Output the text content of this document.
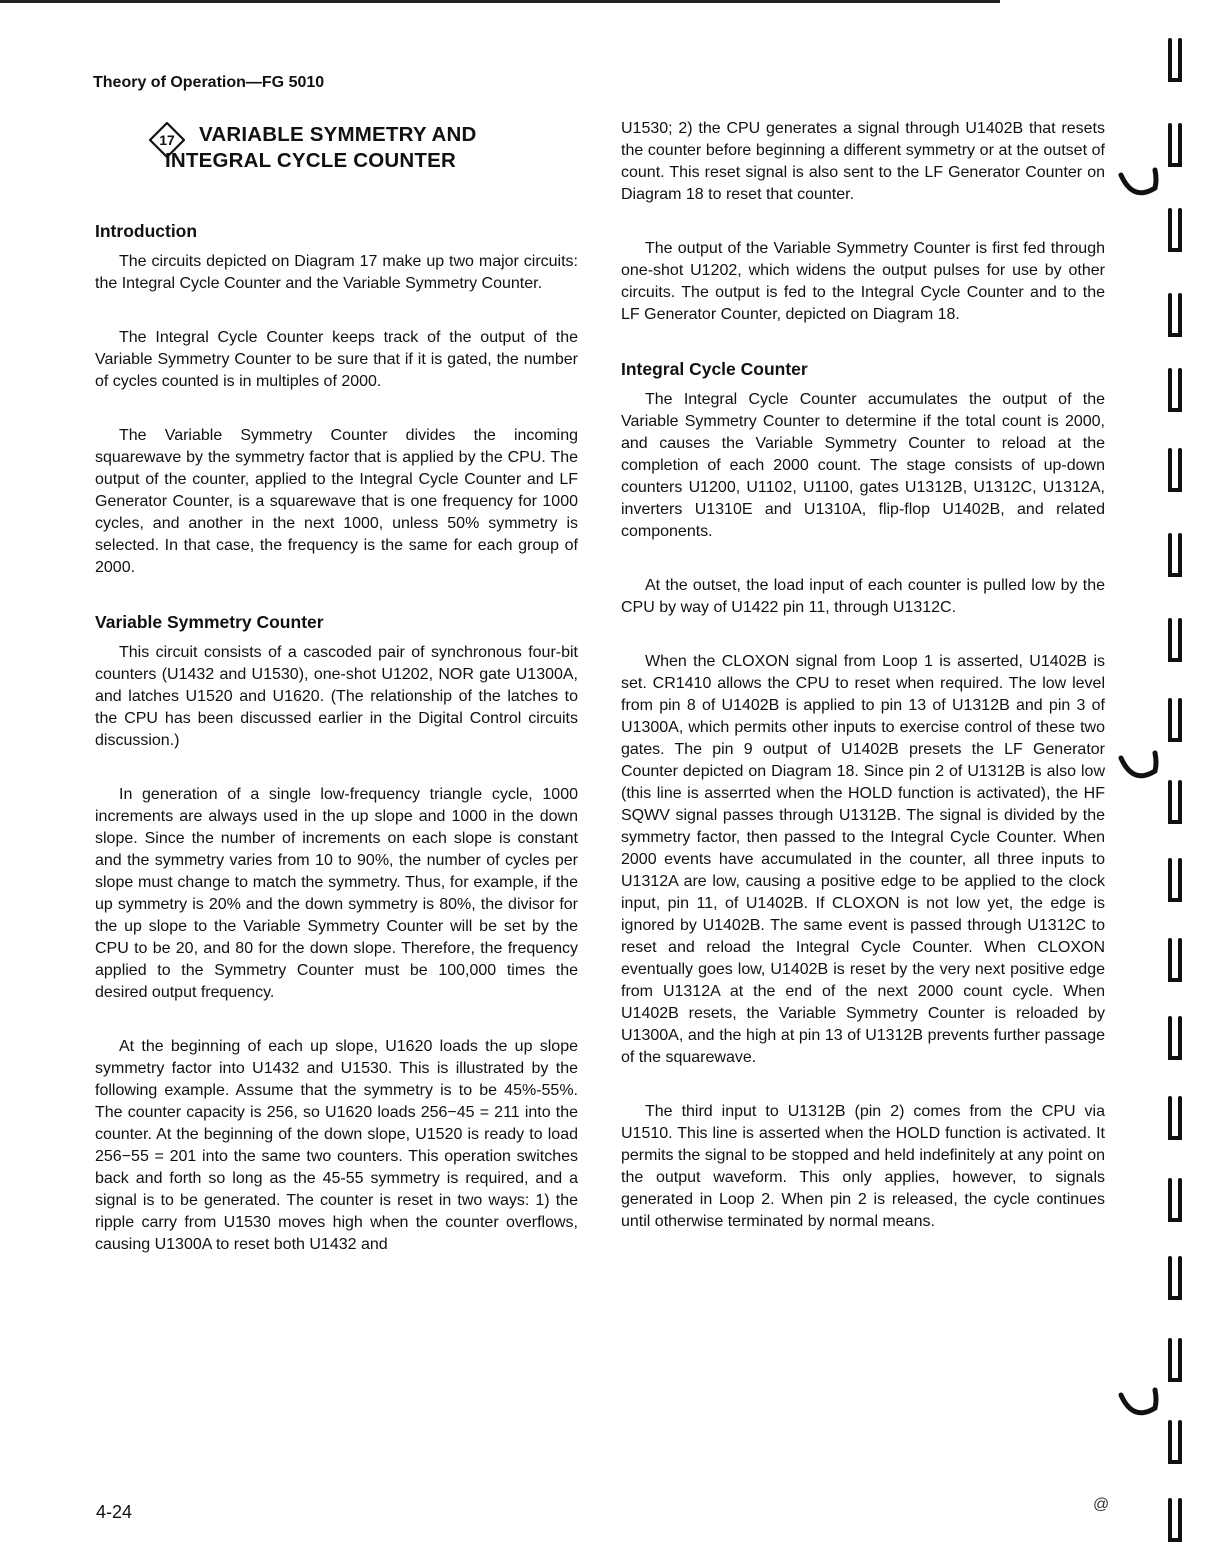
Theory of Operation—FG 5010
17 VARIABLE SYMMETRY AND
INTEGRAL CYCLE COUNTER
Introduction

The circuits depicted on Diagram 17 make up two major circuits: the Integral Cycle Counter and the Variable Symmetry Counter.

The Integral Cycle Counter keeps track of the output of the Variable Symmetry Counter to be sure that if it is gated, the number of cycles counted is in multiples of 2000.

The Variable Symmetry Counter divides the incoming squarewave by the symmetry factor that is applied by the CPU. The output of the counter, applied to the Integral Cycle Counter and LF Generator Counter, is a squarewave that is one frequency for 1000 cycles, and another in the next 1000, unless 50% symmetry is selected. In that case, the frequency is the same for each group of 2000.

Variable Symmetry Counter

This circuit consists of a cascoded pair of synchronous four-bit counters (U1432 and U1530), one-shot U1202, NOR gate U1300A, and latches U1520 and U1620. (The relationship of the latches to the CPU has been discussed earlier in the Digital Control circuits discussion.)

In generation of a single low-frequency triangle cycle, 1000 increments are always used in the up slope and 1000 in the down slope. Since the number of increments on each slope is constant and the symmetry varies from 10 to 90%, the number of cycles per slope must change to match the symmetry. Thus, for example, if the up symmetry is 20% and the down symmetry is 80%, the divisor for the up slope to the Variable Symmetry Counter will be set by the CPU to be 20, and 80 for the down slope. Therefore, the frequency applied to the Symmetry Counter must be 100,000 times the desired output frequency.

At the beginning of each up slope, U1620 loads the up slope symmetry factor into U1432 and U1530. This is illustrated by the following example. Assume that the symmetry is to be 45%-55%. The counter capacity is 256, so U1620 loads 256−45 = 211 into the counter. At the beginning of the down slope, U1520 is ready to load 256−55 = 201 into the same two counters. This operation switches back and forth so long as the 45-55 symmetry is required, and a signal is to be generated. The counter is reset in two ways: 1) the ripple carry from U1530 moves high when the counter overflows, causing U1300A to reset both U1432 and

U1530; 2) the CPU generates a signal through U1402B that resets the counter before beginning a different symmetry or at the outset of count. This reset signal is also sent to the LF Generator Counter on Diagram 18 to reset that counter.

The output of the Variable Symmetry Counter is first fed through one-shot U1202, which widens the output pulses for use by other circuits. The output is fed to the Integral Cycle Counter and to the LF Generator Counter, depicted on Diagram 18.

Integral Cycle Counter

The Integral Cycle Counter accumulates the output of the Variable Symmetry Counter to determine if the total count is 2000, and causes the Variable Symmetry Counter to reload at the completion of each 2000 count. The stage consists of up-down counters U1200, U1102, U1100, gates U1312B, U1312C, U1312A, inverters U1310E and U1310A, flip-flop U1402B, and related components.

At the outset, the load input of each counter is pulled low by the CPU by way of U1422 pin 11, through U1312C.

When the CLOXON signal from Loop 1 is asserted, U1402B is set. CR1410 allows the CPU to reset when required. The low level from pin 8 of U1402B is applied to pin 13 of U1312B and pin 3 of U1300A, which permits other inputs to exercise control of these two gates. The pin 9 output of U1402B presets the LF Generator Counter depicted on Diagram 18. Since pin 2 of U1312B is also low (this line is asserrted when the HOLD function is activated), the HF SQWV signal passes through U1312B. The signal is divided by the symmetry factor, then passed to the Integral Cycle Counter. When 2000 events have accumulated in the counter, all three inputs to U1312A are low, causing a positive edge to be applied to the clock input, pin 11, of U1402B. If CLOXON is not low yet, the edge is ignored by U1402B. The same event is passed through U1312C to reset and reload the Integral Cycle Counter. When CLOXON eventually goes low, U1402B is reset by the very next positive edge from U1312A at the end of the next 2000 count cycle. When U1402B resets, the Variable Symmetry Counter is reloaded by U1300A, and the high at pin 13 of U1312B prevents further passage of the squarewave.

The third input to U1312B (pin 2) comes from the CPU via U1510. This line is asserted when the HOLD function is activated. It permits the signal to be stopped and held indefinitely at any point on the output waveform. This only applies, however, to signals generated in Loop 2. When pin 2 is released, the cycle continues until otherwise terminated by normal means.

4-24	@
